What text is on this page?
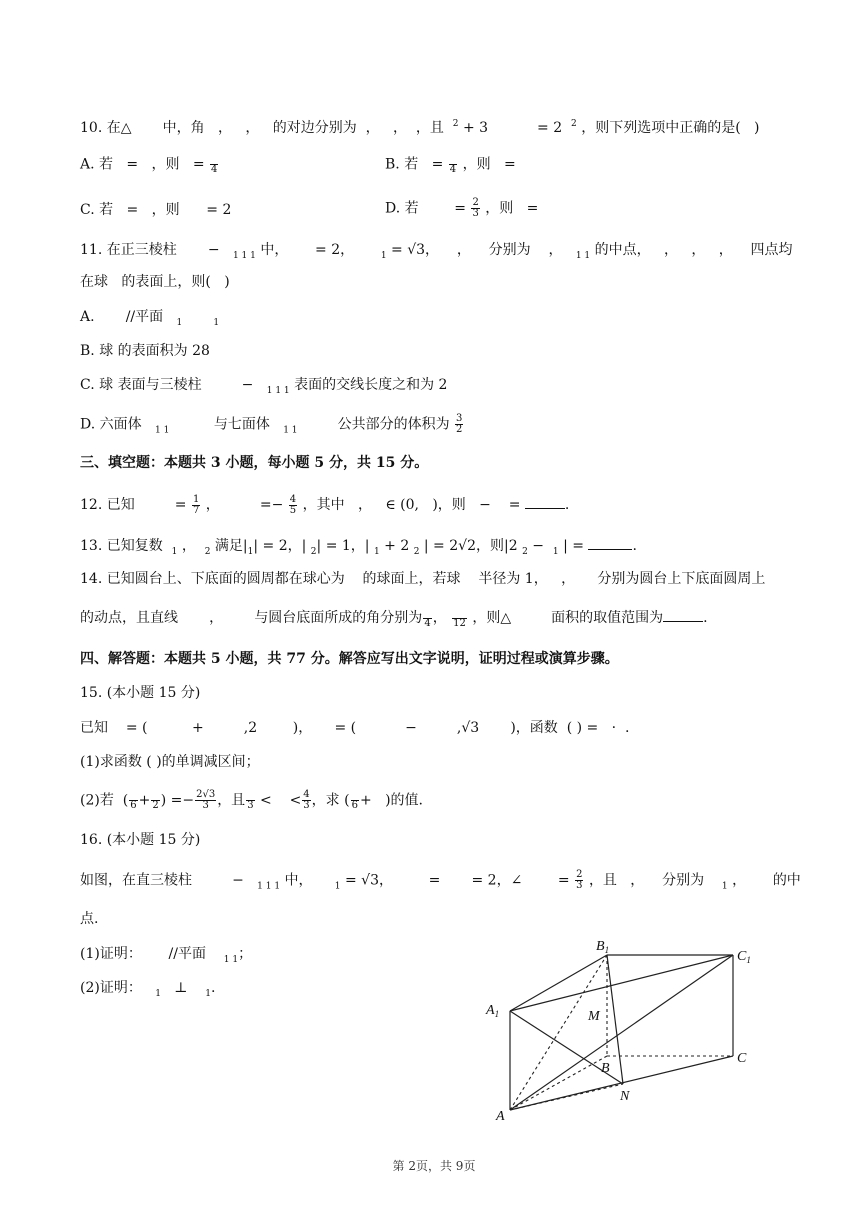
10. 在△ 中，角 ， ， 的对边分别为 ， ， ，且 $^2$ + 3	= 2 $^2$ ，则下列选项中正确的是( )
A. 若 = ，则 =
4	B. 若 =
4 ，则 =
C. 若 = ，则 = 2	D. 若	= $\frac{2}{3}$ ，则 =
11. 在正三棱柱 − $_{1 1 1}$ 中， = 2，	$_1$ = √3， ， 分别为 ， $_{1 1}$ 的中点， ， ， ， 四点均
在球 的表面上，则( )
A. //平面 $_1$	$_1$
B. 球 的表面积为 28
C. 球 表面与三棱柱	− $_{1 1 1}$ 表面的交线长度之和为 2
D. 六面体 $_{1 1}$	与七面体 $_{1 1}$	公共部分的体积为 $\frac{3}{2}$
三、填空题：本题共 3 小题，每小题 5 分，共 15 分。
12. 已知	= $\frac{1}{7}$ ，	=− $\frac{4}{5}$ ，其中 ， ∈ (0, )，则 − =	.
13. 已知复数 $_1$ ， $_2$ 满足$|_1| = 2$，| $_2$| = 1，| $_1$ + 2 $_2$ | = 2√2，则|2 $_2$ − $_1$ | =	.
14. 已知圆台上、下底面的圆周都在球心为 的球面上，若球 半径为 1， ， 分别为圆台上下底面圆周上
的动点，且直线 ， 与圆台底面所成的角分别为
4 ，
12 ，则△	面积的取值范围为	.
四、解答题：本题共 5 小题，共 77 分。解答应写出文字说明，证明过程或演算步骤。
15. (本小题 15 分)
已知 = (	+	,2	)， = (	−	,√3 )，函数 ( ) = · .
(1)求函数 ( )的单调减区间；
(2)若 (
6 +
2 ) =− $\frac{2√3}{3}$ ，且
3 < < $\frac{4}{3}$ ，求 (
6 + )的值.
16. (本小题 15 分)
如图，在直三棱柱	− $_{1 1 1}$ 中， $_1$ = √3，	= = 2，∠	= $\frac{2}{3}$ ，且 ， 分别为 $_1$ ， 的中
点.
(1)证明： //平面 $_{1 1}$；
(2)证明： $_1$ ⊥ $_1$.
$B_1$	$C_1$
$A_1$	M
B
C
A
N
第 2页，共 9页
